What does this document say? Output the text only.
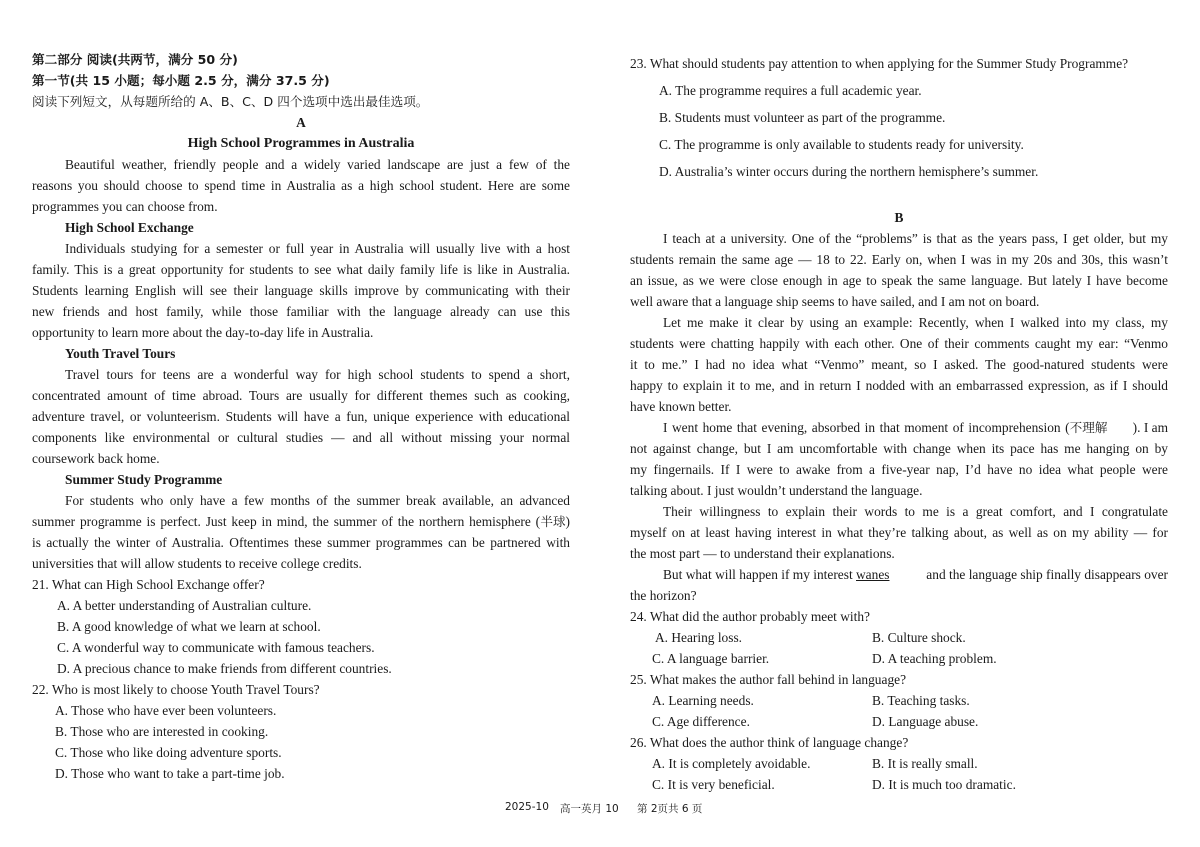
第二部分 阅读(共两节，满分 50 分)
第一节(共 15 小题；每小题 2.5 分，满分 37.5 分)
阅读下列短文，从每题所给的 A、B、C、D 四个选项中选出最佳选项。
A
High School Programmes in Australia
Beautiful weather, friendly people and a widely varied landscape are just a few of the
reasons you should choose to spend time in Australia as a high school student. Here are some
programmes you can choose from.
High School Exchange
Individuals studying for a semester or full year in Australia will usually live with a host
family. This is a great opportunity for students to see what daily family life is like in Australia.
Students learning English will see their language skills improve by communicating with their
new friends and host family, while those familiar with the language already can use this
opportunity to learn more about the day-to-day life in Australia.
Youth Travel Tours
Travel tours for teens are a wonderful way for high school students to spend a short,
concentrated amount of time abroad. Tours are usually for different themes such as cooking,
adventure travel, or volunteerism. Students will have a fun, unique experience with educational
components like environmental or cultural studies — and all without missing your normal
coursework back home.
Summer Study Programme
For students who only have a few months of the summer break available, an advanced
summer programme is perfect. Just keep in mind, the summer of the northern hemisphere ( 半球 )
is actually the winter of Australia. Oftentimes these summer programmes can be partnered with
universities that will allow students to receive college credits.
21. What can High School Exchange offer?
A. A better understanding of Australian culture.
B. A good knowledge of what we learn at school.
C. A wonderful way to communicate with famous teachers.
D. A precious chance to make friends from different countries.
22. Who is most likely to choose Youth Travel Tours?
A. Those who have ever been volunteers.
B. Those who are interested in cooking.
C. Those who like doing adventure sports.
D. Those who want to take a part-time job.
23. What should students pay attention to when applying for the Summer Study Programme?
A. The programme requires a full academic year.
B. Students must volunteer as part of the programme.
C. The programme is only available to students ready for university.
D. Australia’s winter occurs during the northern hemisphere’s summer.
B
I teach at a university. One of the “problems” is that as the years pass, I get older, but my
students remain the same age — 18 to 22. Early on, when I was in my 20s and 30s, this wasn’t
an issue, as we were close enough in age to speak the same language. But lately I have become
well aware that a language ship seems to have sailed, and I am not on board.
Let me make it clear by using an example: Recently, when I walked into my class, my
students were chatting happily with each other. One of their comments caught my ear: “Venmo
it to me.” I had no idea what “Venmo” meant, so I asked. The good-natured students were
happy to explain it to me, and in return I nodded with an embarrassed expression, as if I should
have known better.
I went home that evening, absorbed in that moment of incomprehension ( 不理解 ). I am
not against change, but I am uncomfortable with change when its pace has me hanging on by
my fingernails. If I were to awake from a five-year nap, I’d have no idea what people were
talking about. I just wouldn’t understand the language.
Their willingness to explain their words to me is a great comfort, and I congratulate
myself on at least having interest in what they’re talking about, as well as on my ability — for
the most part — to understand their explanations.
But what will happen if my interest wanes and the language ship finally disappears over
the horizon?
24. What did the author probably meet with?
A. Hearing loss.	B. Culture shock.
C. A language barrier.	D. A teaching problem.
25. What makes the author fall behind in language?
A. Learning needs.	B. Teaching tasks.
C. Age difference.	D. Language abuse.
26. What does the author think of language change?
A. It is completely avoidable.	B. It is really small.
C. It is very beneficial.	D. It is much too dramatic.
2025-10 高一英月 10 第 2页共 6 页
